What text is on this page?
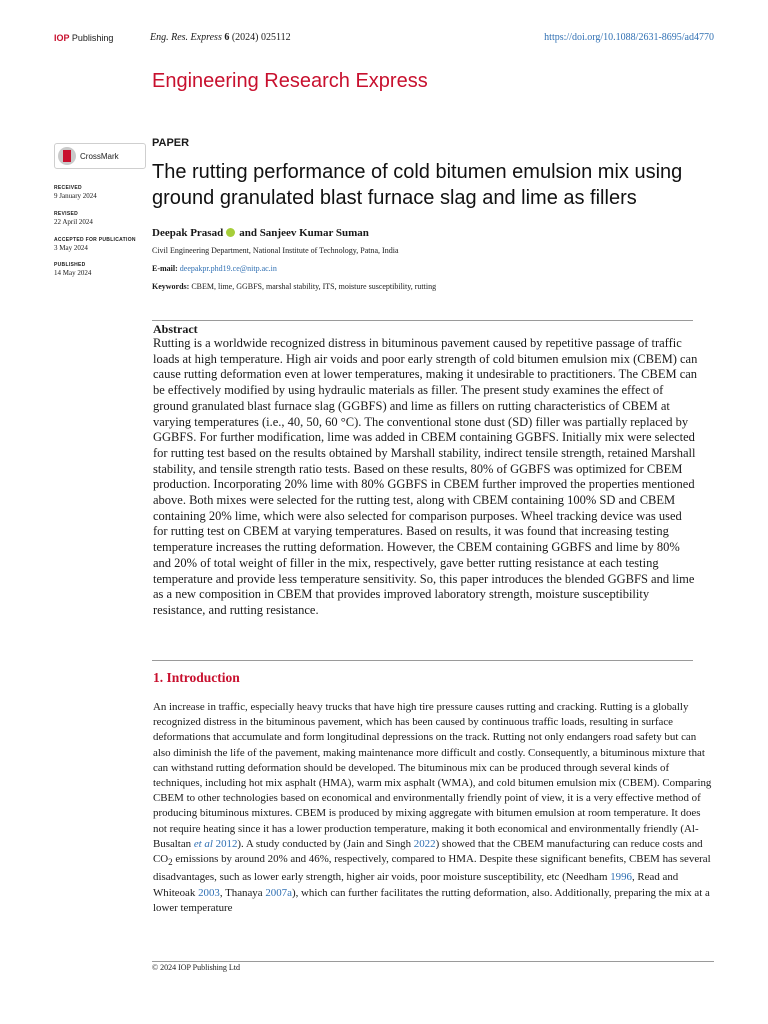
IOP Publishing	Eng. Res. Express 6 (2024) 025112	https://doi.org/10.1088/2631-8695/ad4770
Engineering Research Express
CrossMark
RECEIVED
9 January 2024
REVISED
22 April 2024
ACCEPTED FOR PUBLICATION
3 May 2024
PUBLISHED
14 May 2024
PAPER
The rutting performance of cold bitumen emulsion mix using ground granulated blast furnace slag and lime as fillers
Deepak Prasad and Sanjeev Kumar Suman
Civil Engineering Department, National Institute of Technology, Patna, India
E-mail: deepakpr.phd19.ce@nitp.ac.in
Keywords: CBEM, lime, GGBFS, marshal stability, ITS, moisture susceptibility, rutting
Abstract
Rutting is a worldwide recognized distress in bituminous pavement caused by repetitive passage of traffic loads at high temperature. High air voids and poor early strength of cold bitumen emulsion mix (CBEM) can cause rutting deformation even at lower temperatures, making it undesirable to practitioners. The CBEM can be effectively modified by using hydraulic materials as filler. The present study examines the effect of ground granulated blast furnace slag (GGBFS) and lime as fillers on rutting characteristics of CBEM at varying temperatures (i.e., 40, 50, 60 °C). The conventional stone dust (SD) filler was partially replaced by GGBFS. For further modification, lime was added in CBEM containing GGBFS. Initially mix were selected for rutting test based on the results obtained by Marshall stability, indirect tensile strength, retained Marshall stability, and tensile strength ratio tests. Based on these results, 80% of GGBFS was optimized for CBEM production. Incorporating 20% lime with 80% GGBFS in CBEM further improved the properties mentioned above. Both mixes were selected for the rutting test, along with CBEM containing 100% SD and CBEM containing 20% lime, which were also selected for comparison purposes. Wheel tracking device was used for rutting test on CBEM at varying temperatures. Based on results, it was found that increasing testing temperature increases the rutting deformation. However, the CBEM containing GGBFS and lime by 80% and 20% of total weight of filler in the mix, respectively, gave better rutting resistance at each testing temperature and provide less temperature sensitivity. So, this paper introduces the blended GGBFS and lime as a new composition in CBEM that provides improved laboratory strength, moisture susceptibility resistance, and rutting resistance.
1. Introduction
An increase in traffic, especially heavy trucks that have high tire pressure causes rutting and cracking. Rutting is a globally recognized distress in the bituminous pavement, which has been caused by continuous traffic loads, resulting in surface deformations that accumulate and form longitudinal depressions on the track. Rutting not only endangers road safety but can also diminish the life of the pavement, making maintenance more difficult and costly. Consequently, a bituminous mixture that can withstand rutting deformation should be developed. The bituminous mix can be produced through several kinds of techniques, including hot mix asphalt (HMA), warm mix asphalt (WMA), and cold bitumen emulsion mix (CBEM). Comparing CBEM to other technologies based on economical and environmentally friendly point of view, it is a very effective method of producing bituminous mixtures. CBEM is produced by mixing aggregate with bitumen emulsion at room temperature. It does not require heating since it has a lower production temperature, making it both economical and environmentally friendly (Al-Busaltan et al 2012). A study conducted by (Jain and Singh 2022) showed that the CBEM manufacturing can reduce costs and $CO_2$ emissions by around 20% and 46%, respectively, compared to HMA. Despite these significant benefits, CBEM has several disadvantages, such as lower early strength, higher air voids, poor moisture susceptibility, etc (Needham 1996, Read and Whiteoak 2003, Thanaya 2007a), which can further facilitates the rutting deformation, also. Additionally, preparing the mix at a lower temperature
© 2024 IOP Publishing Ltd
